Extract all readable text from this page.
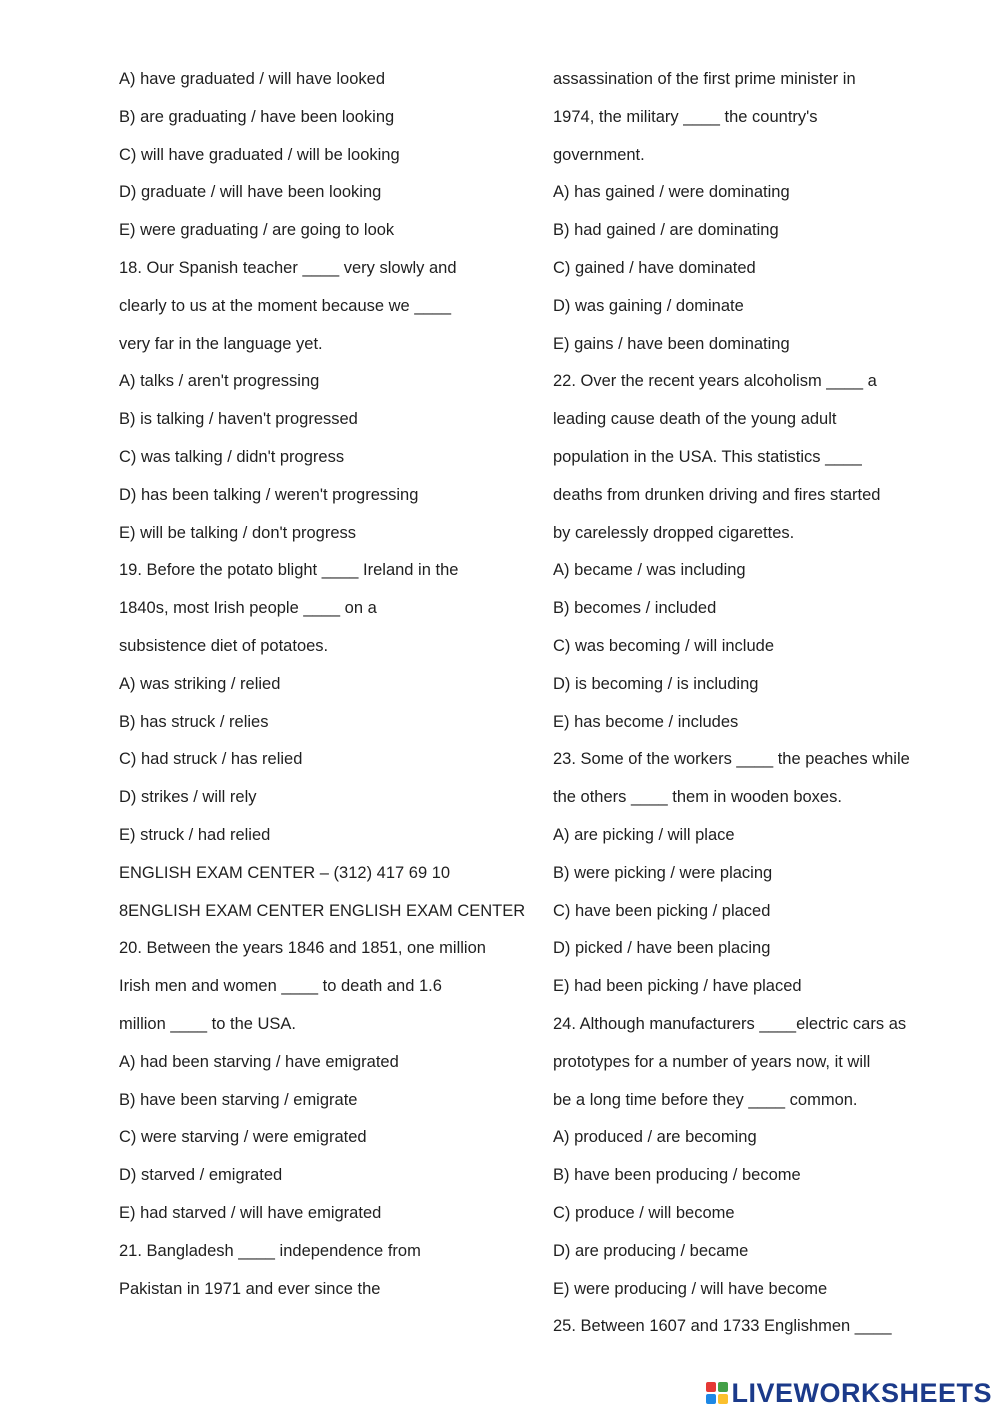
A) have graduated / will have looked
B) are graduating / have been looking
C) will have graduated / will be looking
D) graduate / will have been looking
E) were graduating / are going to look
18. Our Spanish teacher ____ very slowly and
clearly to us at the moment because we ____
very far in the language yet.
A) talks / aren't progressing
B) is talking / haven't progressed
C) was talking / didn't progress
D) has been talking / weren't progressing
E) will be talking / don't progress
19. Before the potato blight ____ Ireland in the
1840s, most Irish people ____ on a
subsistence diet of potatoes.
A) was striking / relied
B) has struck / relies
C) had struck / has relied
D) strikes / will rely
E) struck / had relied
ENGLISH EXAM CENTER – (312) 417 69 10
8ENGLISH EXAM CENTER ENGLISH EXAM CENTER
20. Between the years 1846 and 1851, one million
Irish men and women ____ to death and 1.6
million ____ to the USA.
A) had been starving / have emigrated
B) have been starving / emigrate
C) were starving / were emigrated
D) starved / emigrated
E) had starved / will have emigrated
21. Bangladesh ____ independence from
Pakistan in 1971 and ever since the
assassination of the first prime minister in
1974, the military ____ the country's
government.
A) has gained / were dominating
B) had gained / are dominating
C) gained / have dominated
D) was gaining / dominate
E) gains / have been dominating
22. Over the recent years alcoholism ____ a
leading cause death of the young adult
population in the USA. This statistics ____
deaths from drunken driving and fires started
by carelessly dropped cigarettes.
A) became / was including
B) becomes / included
C) was becoming / will include
D) is becoming / is including
E) has become / includes
23. Some of the workers ____ the peaches while
the others ____ them in wooden boxes.
A) are picking / will place
B) were picking / were placing
C) have been picking / placed
D) picked / have been placing
E) had been picking / have placed
24. Although manufacturers ____electric cars as
prototypes for a number of years now, it will
be a long time before they ____ common.
A) produced / are becoming
B) have been producing / become
C) produce / will become
D) are producing / became
E) were producing / will have become
25. Between 1607 and 1733 Englishmen ____
LIVEWORKSHEETS
